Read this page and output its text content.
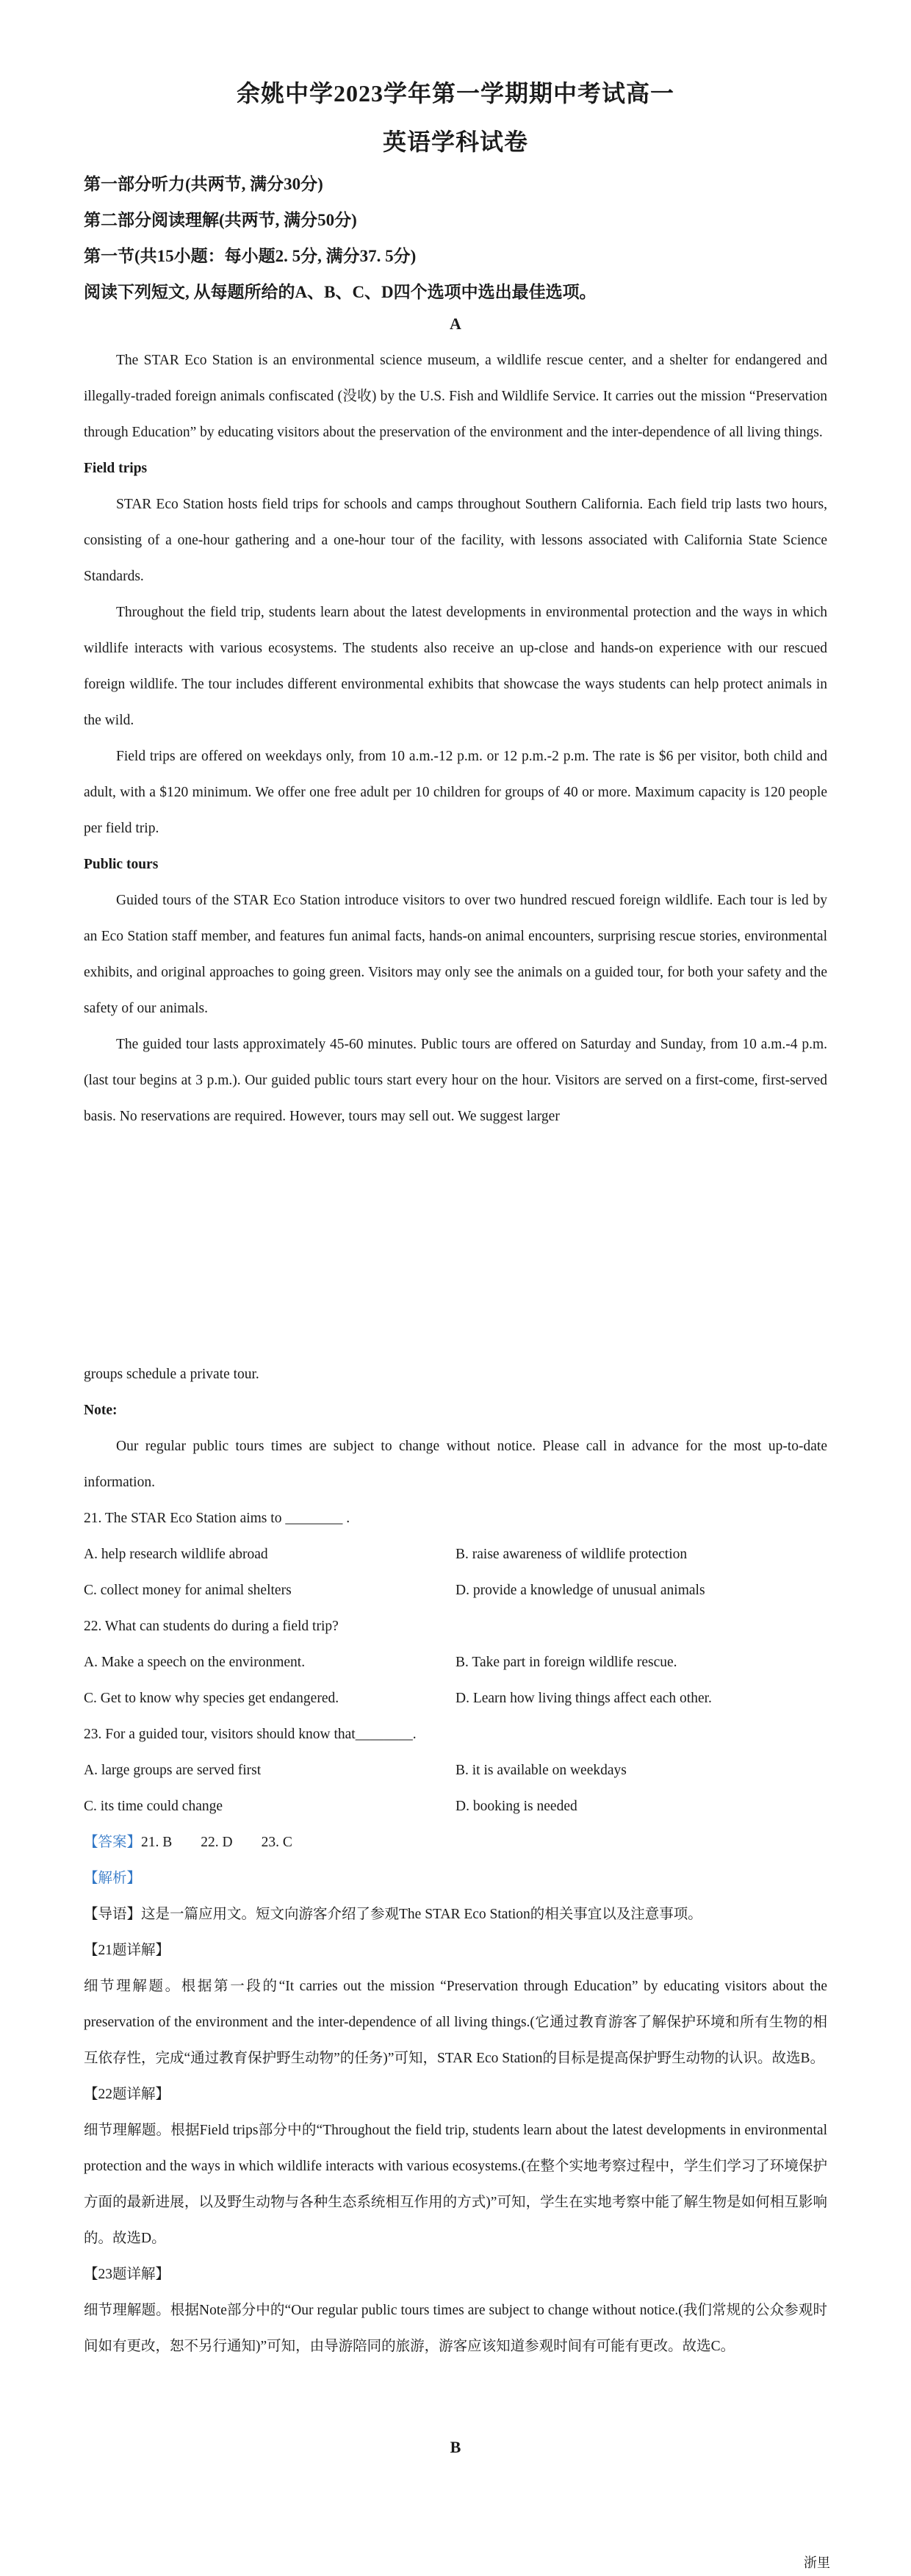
余姚中学2023学年第一学期期中考试高一
英语学科试卷
第一部分听力(共两节, 满分30分)
第二部分阅读理解(共两节, 满分50分)
第一节(共15小题：每小题2. 5分, 满分37. 5分)
阅读下列短文, 从每题所给的A、B、C、D四个选项中选出最佳选项。
A

The STAR Eco Station is an environmental science museum, a wildlife rescue center, and a shelter for endangered and illegally-traded foreign animals confiscated (没收) by the U.S. Fish and Wildlife Service. It carries out the mission “Preservation through Education” by educating visitors about the preservation of the environment and the inter-dependence of all living things.

Field trips

STAR Eco Station hosts field trips for schools and camps throughout Southern California. Each field trip lasts two hours, consisting of a one-hour gathering and a one-hour tour of the facility, with lessons associated with California State Science Standards.

Throughout the field trip, students learn about the latest developments in environmental protection and the ways in which wildlife interacts with various ecosystems. The students also receive an up-close and hands-on experience with our rescued foreign wildlife. The tour includes different environmental exhibits that showcase the ways students can help protect animals in the wild.

Field trips are offered on weekdays only, from 10 a.m.-12 p.m. or 12 p.m.-2 p.m. The rate is $6 per visitor, both child and adult, with a $120 minimum. We offer one free adult per 10 children for groups of 40 or more. Maximum capacity is 120 people per field trip.

Public tours

Guided tours of the STAR Eco Station introduce visitors to over two hundred rescued foreign wildlife. Each tour is led by an Eco Station staff member, and features fun animal facts, hands-on animal encounters, surprising rescue stories, environmental exhibits, and original approaches to going green. Visitors may only see the animals on a guided tour, for both your safety and the safety of our animals.

The guided tour lasts approximately 45-60 minutes. Public tours are offered on Saturday and Sunday, from 10 a.m.-4 p.m. (last tour begins at 3 p.m.). Our guided public tours start every hour on the hour. Visitors are served on a first-come, first-served basis. No reservations are required. However, tours may sell out. We suggest larger

groups schedule a private tour.

Note:

Our regular public tours times are subject to change without notice. Please call in advance for the most up-to-date information.

21. The STAR Eco Station aims to ________ .

A. help research wildlife abroad	B. raise awareness of wildlife protection
C. collect money for animal shelters	D. provide a knowledge of unusual animals

22. What can students do during a field trip?

A. Make a speech on the environment.	B. Take part in foreign wildlife rescue.
C. Get to know why species get endangered.	D. Learn how living things affect each other.

23. For a guided tour, visitors should know that________.

A. large groups are served first	B. it is available on weekdays
C. its time could change	D. booking is needed

【答案】21. B        22. D        23. C

【解析】

【导语】这是一篇应用文。短文向游客介绍了参观The STAR Eco Station的相关事宜以及注意事项。

【21题详解】

细节理解题。根据第一段的“It carries out the mission “Preservation through Education” by educating visitors about the preservation of the environment and the inter-dependence of all living things.(它通过教育游客了解保护环境和所有生物的相互依存性，完成“通过教育保护野生动物”的任务)”可知，STAR Eco Station的目标是提高保护野生动物的认识。故选B。

【22题详解】

细节理解题。根据Field trips部分中的“Throughout the field trip, students learn about the latest developments in environmental protection and the ways in which wildlife interacts with various ecosystems.(在整个实地考察过程中，学生们学习了环境保护方面的最新进展，以及野生动物与各种生态系统相互作用的方式)”可知，学生在实地考察中能了解生物是如何相互影响的。故选D。

【23题详解】

细节理解题。根据Note部分中的“Our regular public tours times are subject to change without notice.(我们常规的公众参观时间如有更改，恕不另行通知)”可知，由导游陪同的旅游，游客应该知道参观时间有可能有更改。故选C。

B
浙里
